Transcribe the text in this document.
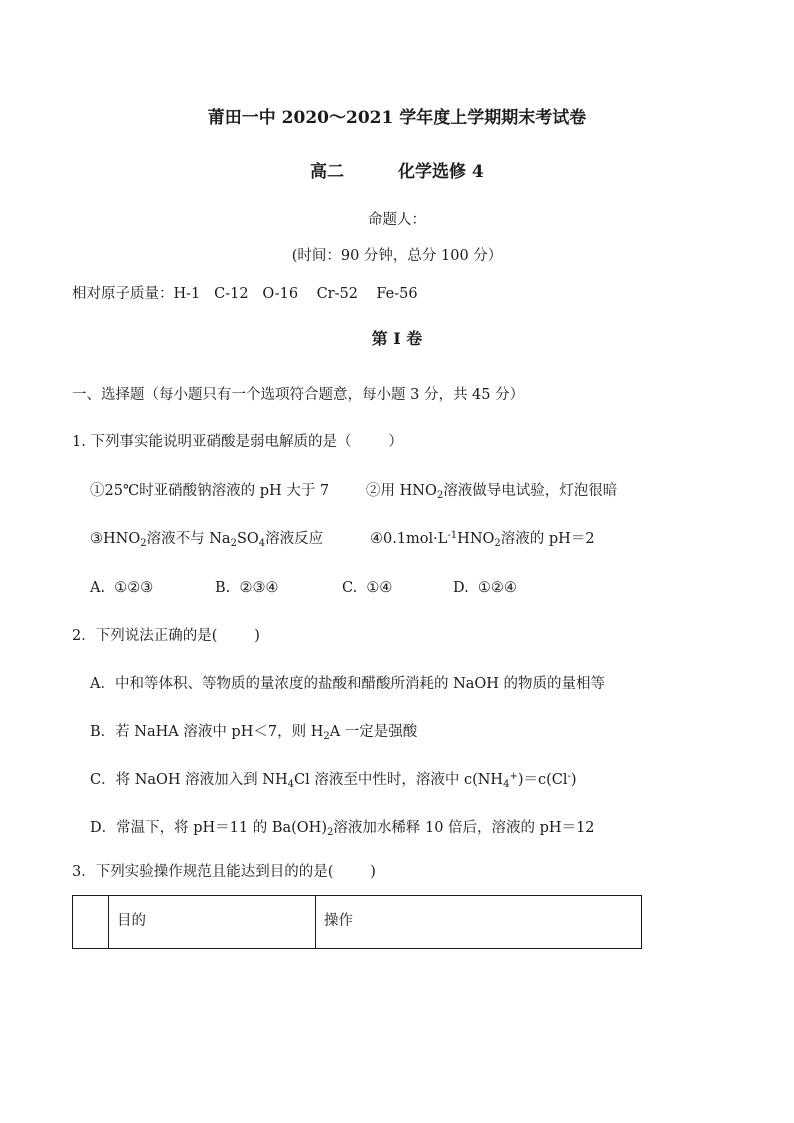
莆田一中 2020～2021 学年度上学期期末考试卷
高二	化学选修 4
命题人：
(时间：90 分钟，总分 100 分）
相对原子质量：H-1   C-12   O-16    Cr-52    Fe-56
第 I 卷
一、选择题（每小题只有一个选项符合题意，每小题 3 分，共 45 分）
1. 下列事实能说明亚硝酸是弱电解质的是（        ）
①25℃时亚硝酸钠溶液的 pH 大于 7	②用 $HNO_2$溶液做导电试验，灯泡很暗
$③HNO_2$溶液不与 $Na_2SO_4$溶液反应	$④0.1mol\cdot L^{-1}HNO_2$溶液的 pH＝2
A.  ①②③	B.  ②③④	C.  ①④	D.  ①②④
2．下列说法正确的是(        )
A．中和等体积、等物质的量浓度的盐酸和醋酸所消耗的 NaOH 的物质的量相等
B．若 NaHA 溶液中 pH＜7，则 $H_2A$ 一定是强酸
C．将 NaOH 溶液加入到 $NH_4Cl$ 溶液至中性时，溶液中 $c(NH_4^+)=c(Cl^-)$
D．常温下，将 pH＝11 的 $Ba(OH)_2$溶液加水稀释 10 倍后，溶液的 pH＝12
3．下列实验操作规范且能达到目的的是(        )
	目的	操作
